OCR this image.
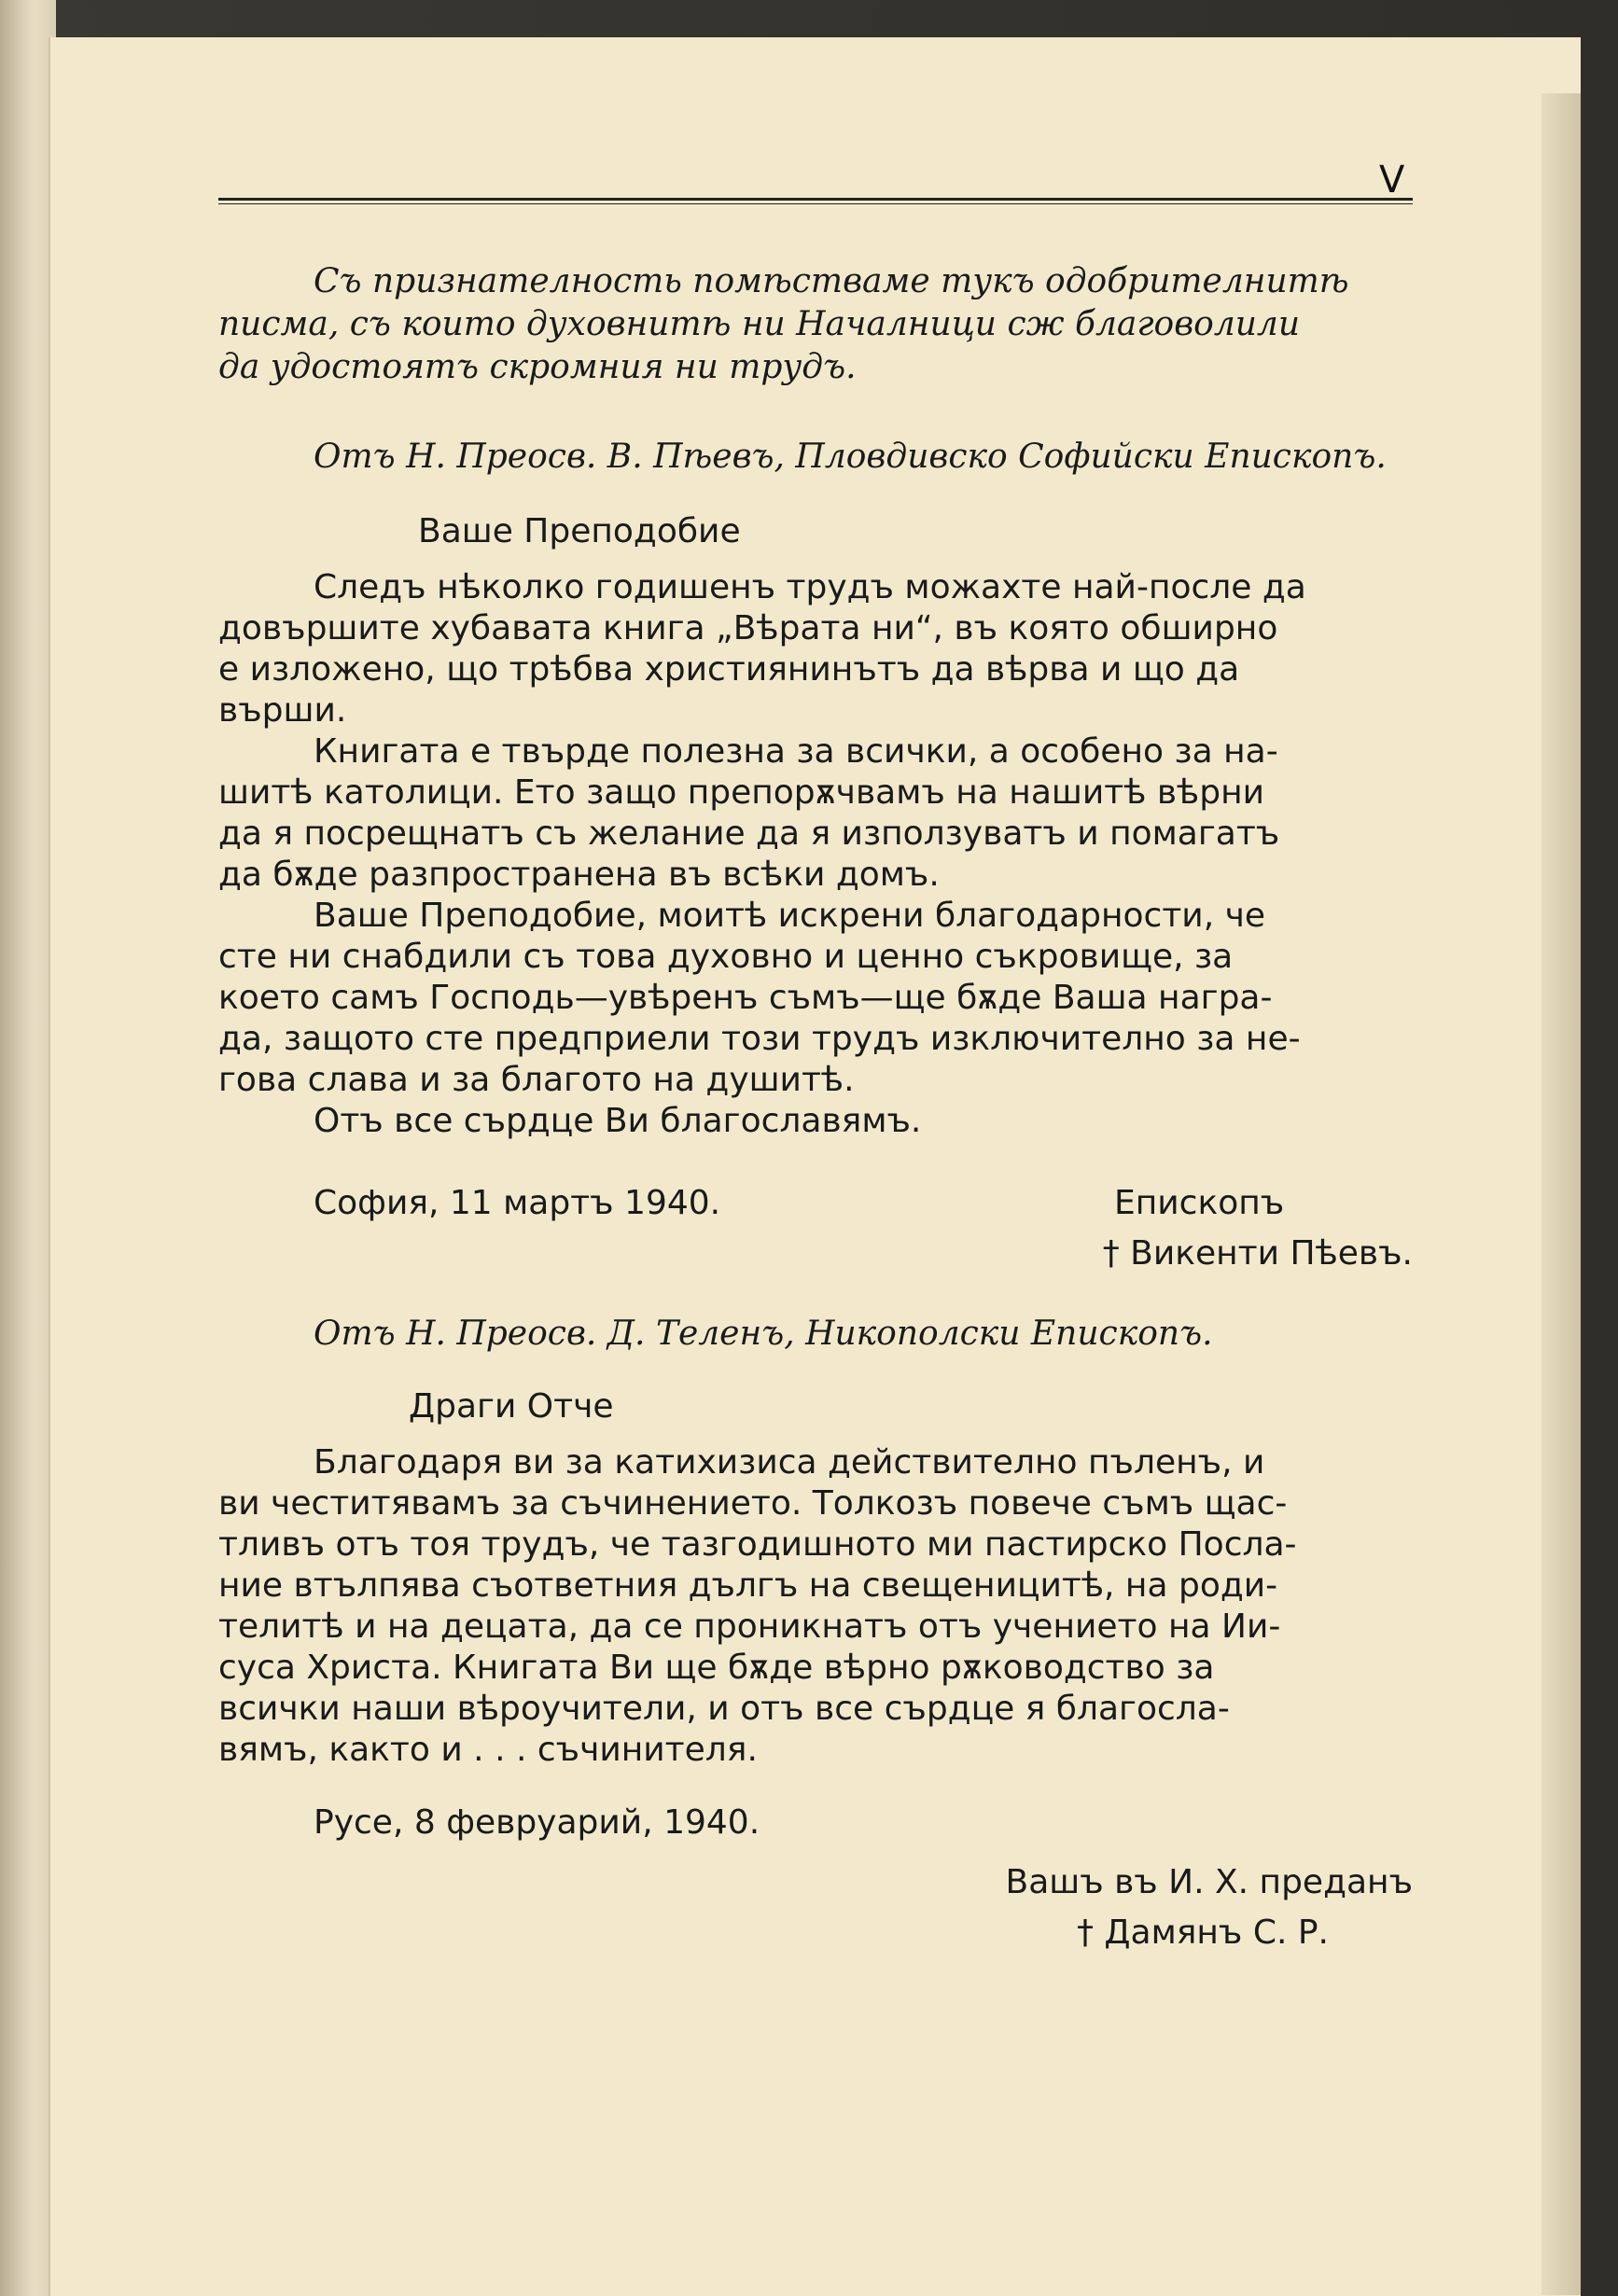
V

Съ признателность помѣстваме тукъ одобрителнитѣ

писма, съ които духовнитѣ ни Началници сж благоволили

да удостоятъ скромния ни трудъ.

Отъ Н. Преосв. В. Пѣевъ, Пловдивско Софийски Епископъ.

Ваше Преподобие

Следъ нѣколко годишенъ трудъ можахте най-после да

довършите хубавата книга „Вѣрата ни“, въ която обширно

е изложено, що трѣбва християнинътъ да вѣрва и що да

върши.

Книгата е твърде полезна за всички, а особено за на-

шитѣ католици. Ето защо препорѫчвамъ на нашитѣ вѣрни

да я посрещнатъ съ желание да я използуватъ и помагатъ

да бѫде разпространена въ всѣки домъ.

Ваше Преподобие, моитѣ искрени благодарности, че

сте ни снабдили съ това духовно и ценно съкровище, за

което самъ Господь—увѣренъ съмъ—ще бѫде Ваша награ-

да, защото сте предприели този трудъ изключително за не-

гова слава и за благото на душитѣ.

Отъ все сърдце Ви благославямъ.

София, 11 мартъ 1940.	Епископъ

† Викенти Пѣевъ.

Отъ Н. Преосв. Д. Теленъ, Никополски Епископъ.

Драги Отче

Благодаря ви за катихизиса действително пъленъ, и

ви честитявамъ за съчинението. Толкозъ повече съмъ щас-

тливъ отъ тоя трудъ, че тазгодишното ми пастирско Посла-

ние втълпява съответния дългъ на свещеницитѣ, на роди-

телитѣ и на децата, да се проникнатъ отъ учението на Ии-

суса Христа. Книгата Ви ще бѫде вѣрно рѫководство за

всички наши вѣроучители, и отъ все сърдце я благосла-

вямъ, както и . . . съчинителя.

Русе, 8 февруарий, 1940.

Вашъ въ И. Х. преданъ

† Дамянъ С. Р.
